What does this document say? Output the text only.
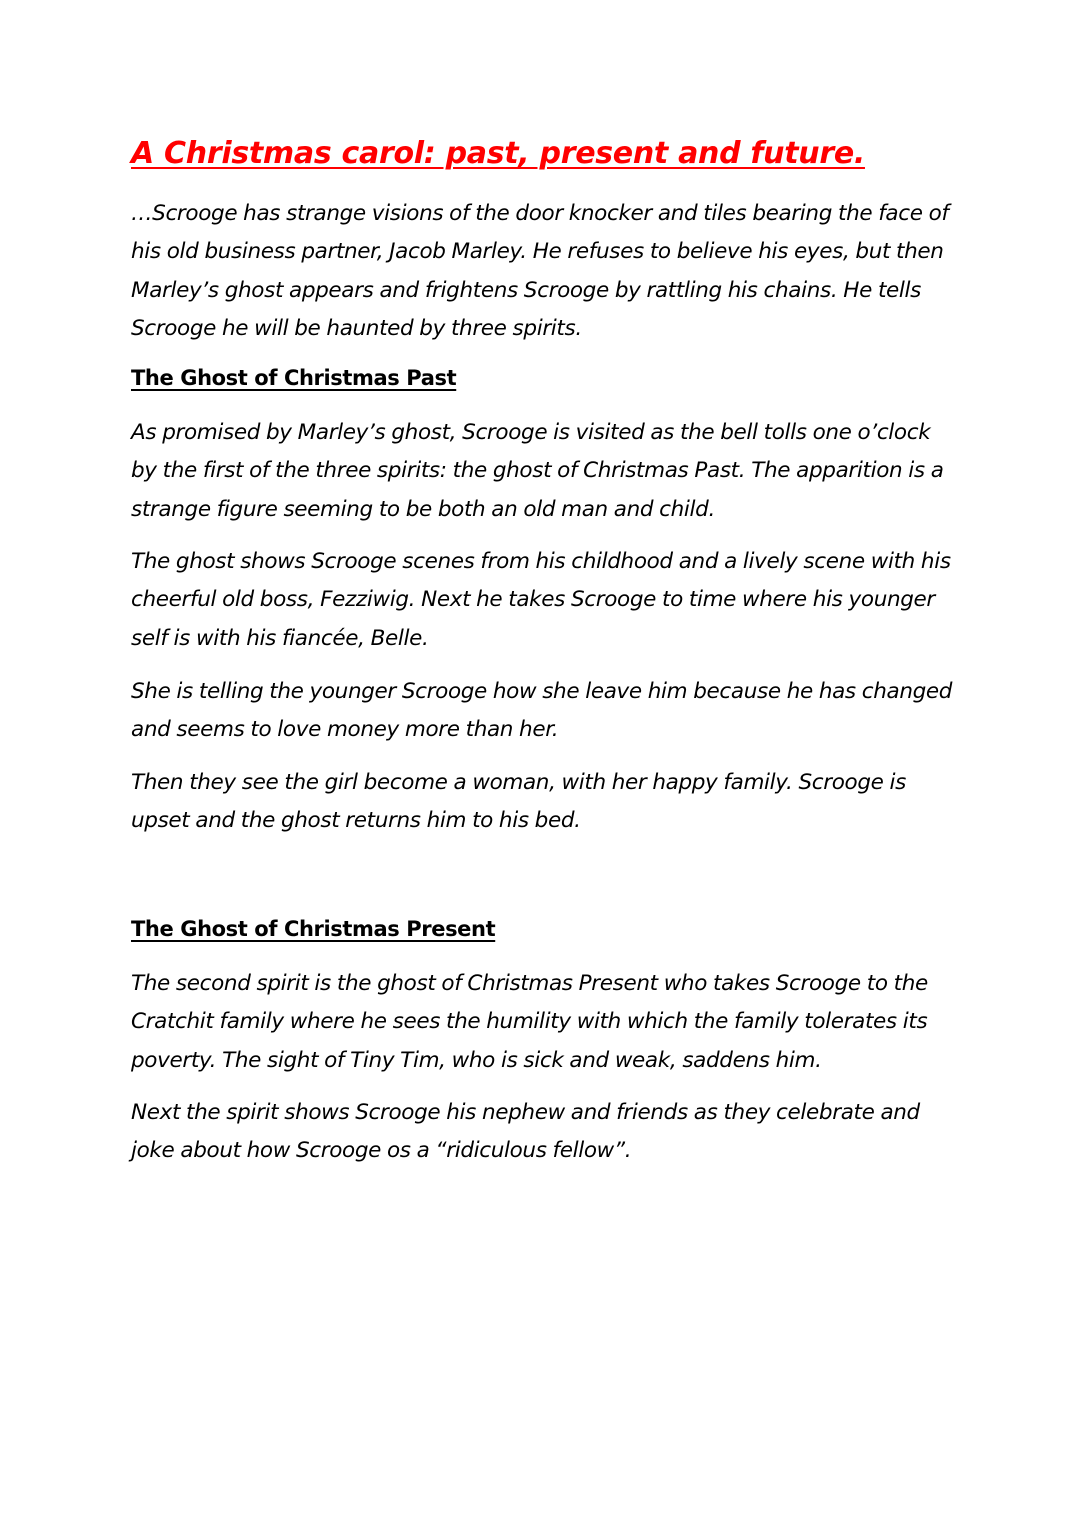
A Christmas carol: past, present and future.

…Scrooge has strange visions of the door knocker and tiles bearing the face of his old business partner, Jacob Marley. He refuses to believe his eyes, but then Marley’s ghost appears and frightens Scrooge by rattling his chains. He tells Scrooge he will be haunted by three spirits.

The Ghost of Christmas Past

As promised by Marley’s ghost, Scrooge is visited as the bell tolls one o’clock by the first of the three spirits: the ghost of Christmas Past. The apparition is a strange figure seeming to be both an old man and child.

The ghost shows Scrooge scenes from his childhood and a lively scene with his cheerful old boss, Fezziwig. Next he takes Scrooge to time where his younger self is with his fiancée, Belle.

She is telling the younger Scrooge how she leave him because he has changed and seems to love money more than her.

Then they see the girl become a woman, with her happy family. Scrooge is upset and the ghost returns him to his bed.

The Ghost of Christmas Present

The second spirit is the ghost of Christmas Present who takes Scrooge to the Cratchit family where he sees the humility with which the family tolerates its poverty. The sight of Tiny Tim, who is sick and weak, saddens him.

Next the spirit shows Scrooge his nephew and friends as they celebrate and joke about how Scrooge os a “ridiculous fellow”.
